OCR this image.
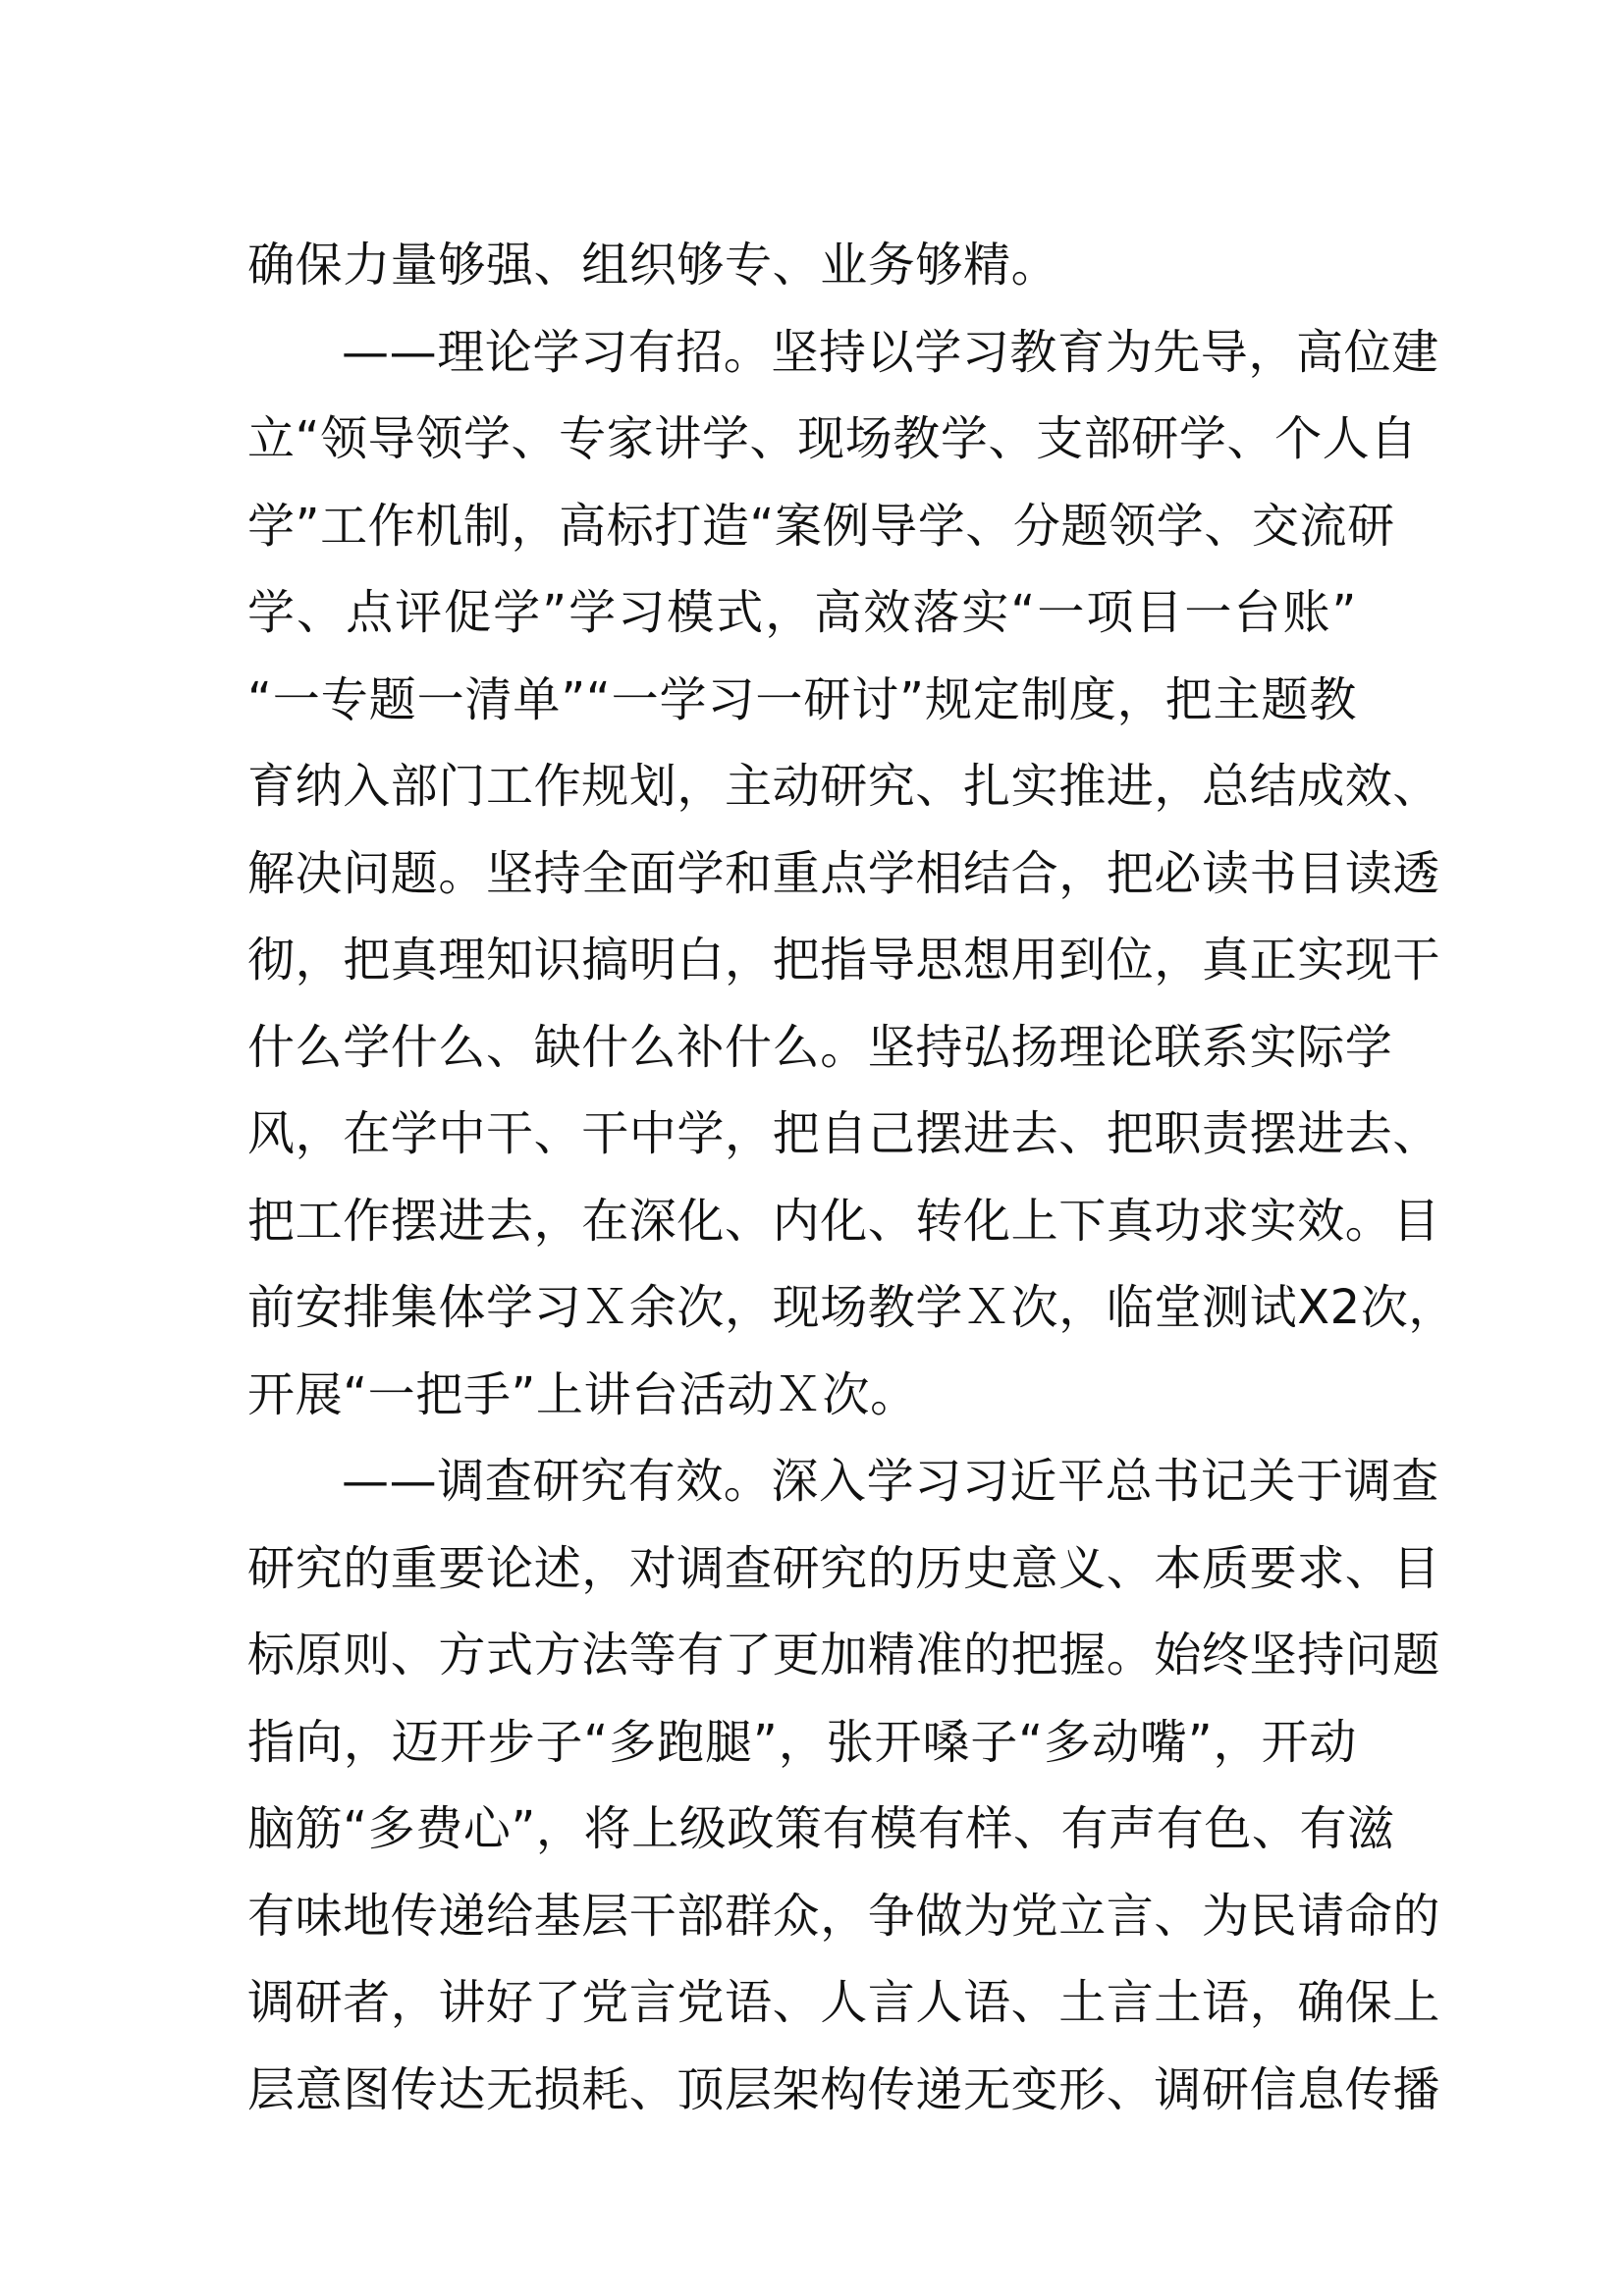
确保力量够强、组织够专、业务够精。
——理论学习有招。坚持以学习教育为先导，高位建
立“领导领学、专家讲学、现场教学、支部研学、个人自
学”工作机制，高标打造“案例导学、分题领学、交流研
学、点评促学”学习模式，高效落实“一项目一台账”
“一专题一清单”“一学习一研讨”规定制度，把主题教
育纳入部门工作规划，主动研究、扎实推进，总结成效、
解决问题。坚持全面学和重点学相结合，把必读书目读透
彻，把真理知识搞明白，把指导思想用到位，真正实现干
什么学什么、缺什么补什么。坚持弘扬理论联系实际学
风，在学中干、干中学，把自己摆进去、把职责摆进去、
把工作摆进去，在深化、内化、转化上下真功求实效。目
前安排集体学习Ｘ余次，现场教学Ｘ次，临堂测试X2次，
开展“一把手”上讲台活动Ｘ次。
——调查研究有效。深入学习习近平总书记关于调查
研究的重要论述，对调查研究的历史意义、本质要求、目
标原则、方式方法等有了更加精准的把握。始终坚持问题
指向，迈开步子“多跑腿”，张开嗓子“多动嘴”，开动
脑筋“多费心”，将上级政策有模有样、有声有色、有滋
有味地传递给基层干部群众，争做为党立言、为民请命的
调研者，讲好了党言党语、人言人语、土言土语，确保上
层意图传达无损耗、顶层架构传递无变形、调研信息传播
